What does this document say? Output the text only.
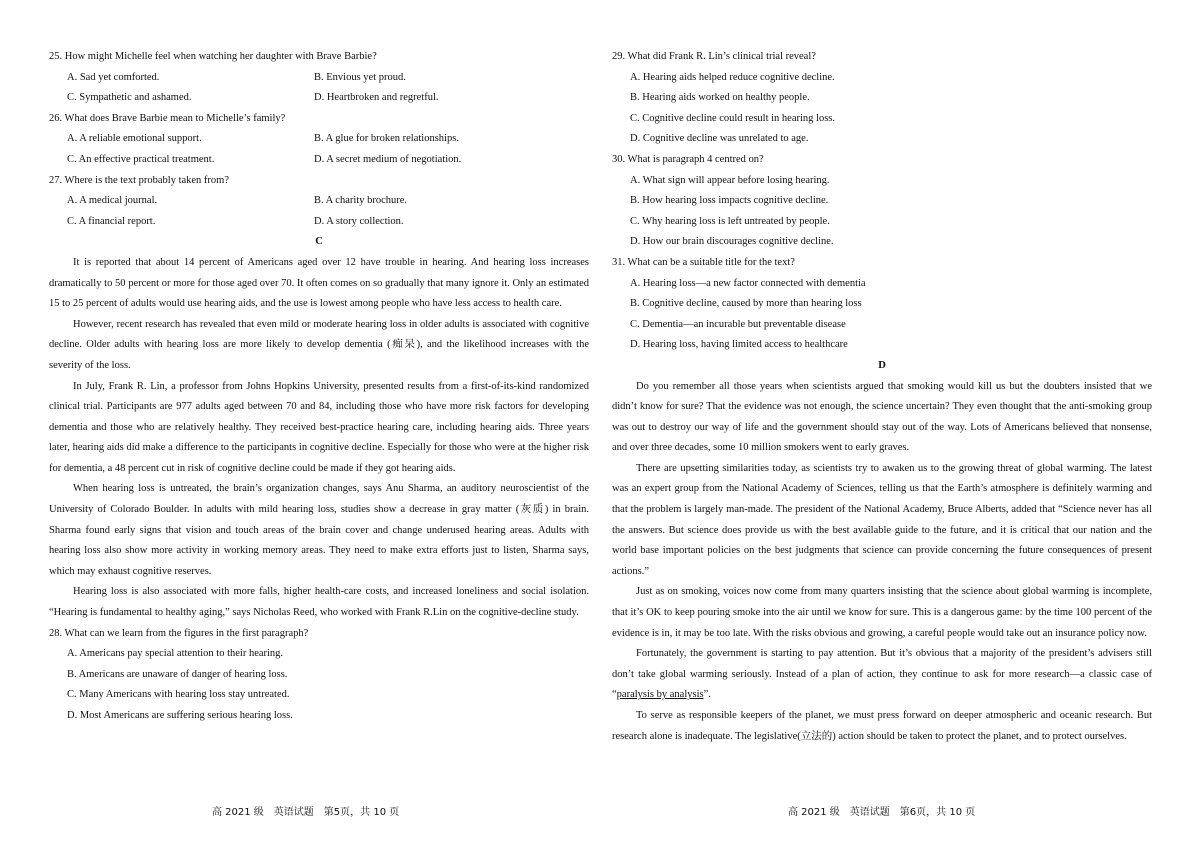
25. How might Michelle feel when watching her daughter with Brave Barbie?
A. Sad yet comforted.	B. Envious yet proud.
C. Sympathetic and ashamed.	D. Heartbroken and regretful.
26. What does Brave Barbie mean to Michelle’s family?
A. A reliable emotional support.	B. A glue for broken relationships.
C. An effective practical treatment.	D. A secret medium of negotiation.
27. Where is the text probably taken from?
A. A medical journal.	B. A charity brochure.
C. A financial report.	D. A story collection.
C

It is reported that about 14 percent of Americans aged over 12 have trouble in hearing. And hearing loss increases dramatically to 50 percent or more for those aged over 70. It often comes on so gradually that many ignore it. Only an estimated 15 to 25 percent of adults would use hearing aids, and the use is lowest among people who have less access to health care.

However, recent research has revealed that even mild or moderate hearing loss in older adults is associated with cognitive decline. Older adults with hearing loss are more likely to develop dementia (痴呆), and the likelihood increases with the severity of the loss.

In July, Frank R. Lin, a professor from Johns Hopkins University, presented results from a first-of-its-kind randomized clinical trial. Participants are 977 adults aged between 70 and 84, including those who have more risk factors for developing dementia and those who are relatively healthy. They received best-practice hearing care, including hearing aids. Three years later, hearing aids did make a difference to the participants in cognitive decline. Especially for those who were at the higher risk for dementia, a 48 percent cut in risk of cognitive decline could be made if they got hearing aids.

When hearing loss is untreated, the brain’s organization changes, says Anu Sharma, an auditory neuroscientist of the University of Colorado Boulder. In adults with mild hearing loss, studies show a decrease in gray matter (灰质) in brain. Sharma found early signs that vision and touch areas of the brain cover and change underused hearing areas. Adults with hearing loss also show more activity in working memory areas. They need to make extra efforts just to listen, Sharma says, which may exhaust cognitive reserves.

Hearing loss is also associated with more falls, higher health-care costs, and increased loneliness and social isolation. “Hearing is fundamental to healthy aging,” says Nicholas Reed, who worked with Frank R.Lin on the cognitive-decline study.

28. What can we learn from the figures in the first paragraph?
A. Americans pay special attention to their hearing.
B. Americans are unaware of danger of hearing loss.
C. Many Americans with hearing loss stay untreated.
D. Most Americans are suffering serious hearing loss.
29. What did Frank R. Lin’s clinical trial reveal?
A. Hearing aids helped reduce cognitive decline.
B. Hearing aids worked on healthy people.
C. Cognitive decline could result in hearing loss.
D. Cognitive decline was unrelated to age.
30. What is paragraph 4 centred on?
A. What sign will appear before losing hearing.
B. How hearing loss impacts cognitive decline.
C. Why hearing loss is left untreated by people.
D. How our brain discourages cognitive decline.
31. What can be a suitable title for the text?
A. Hearing loss—a new factor connected with dementia
B. Cognitive decline, caused by more than hearing loss
C. Dementia—an incurable but preventable disease
D. Hearing loss, having limited access to healthcare
D

Do you remember all those years when scientists argued that smoking would kill us but the doubters insisted that we didn’t know for sure? That the evidence was not enough, the science uncertain? They even thought that the anti-smoking group was out to destroy our way of life and the government should stay out of the way. Lots of Americans believed that nonsense, and over three decades, some 10 million smokers went to early graves.

There are upsetting similarities today, as scientists try to awaken us to the growing threat of global warming. The latest was an expert group from the National Academy of Sciences, telling us that the Earth’s atmosphere is definitely warming and that the problem is largely man-made. The president of the National Academy, Bruce Alberts, added that “Science never has all the answers. But science does provide us with the best available guide to the future, and it is critical that our nation and the world base important policies on the best judgments that science can provide concerning the future consequences of present actions.”

Just as on smoking, voices now come from many quarters insisting that the science about global warming is incomplete, that it’s OK to keep pouring smoke into the air until we know for sure. This is a dangerous game: by the time 100 percent of the evidence is in, it may be too late. With the risks obvious and growing, a careful people would take out an insurance policy now.

Fortunately, the government is starting to pay attention. But it’s obvious that a majority of the president’s advisers still don’t take global warming seriously. Instead of a plan of action, they continue to ask for more research—a classic case of “paralysis by analysis”.

To serve as responsible keepers of the planet, we must press forward on deeper atmospheric and oceanic research. But research alone is inadequate. The legislative(立法的) action should be taken to protect the planet, and to protect ourselves.

高 2021 级　英语试题　第5页，共 10 页	高 2021 级　英语试题　第6页，共 10 页
